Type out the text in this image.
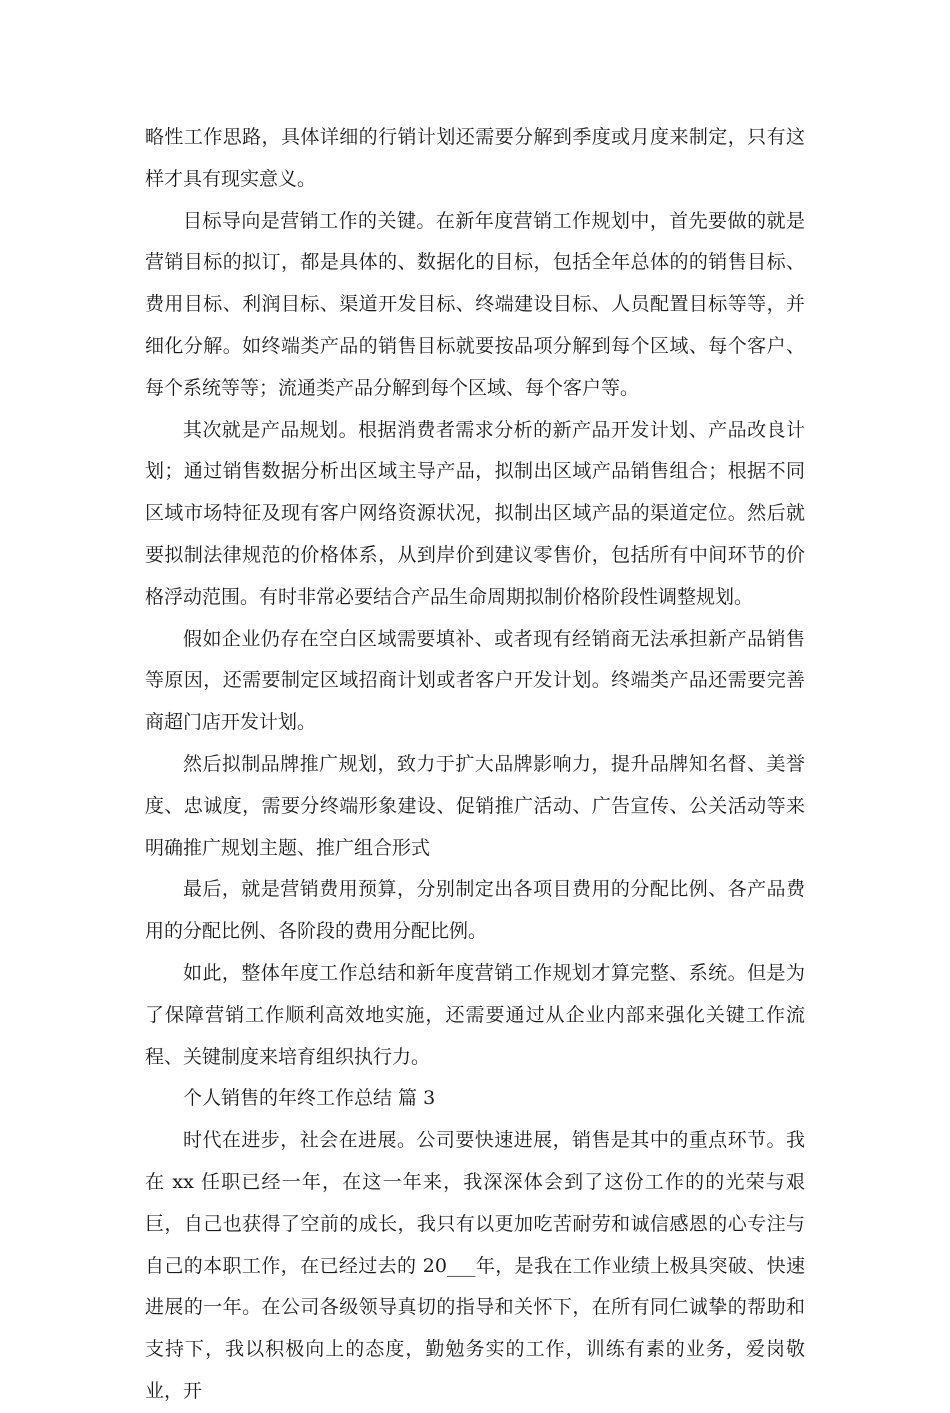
略性工作思路，具体详细的行销计划还需要分解到季度或月度来制定，只有这样才具有现实意义。

目标导向是营销工作的关键。在新年度营销工作规划中，首先要做的就是营销目标的拟订，都是具体的、数据化的目标，包括全年总体的的销售目标、费用目标、利润目标、渠道开发目标、终端建设目标、人员配置目标等等，并细化分解。如终端类产品的销售目标就要按品项分解到每个区域、每个客户、每个系统等等；流通类产品分解到每个区域、每个客户等。

其次就是产品规划。根据消费者需求分析的新产品开发计划、产品改良计划；通过销售数据分析出区域主导产品，拟制出区域产品销售组合；根据不同区域市场特征及现有客户网络资源状况，拟制出区域产品的渠道定位。然后就要拟制法律规范的价格体系，从到岸价到建议零售价，包括所有中间环节的价格浮动范围。有时非常必要结合产品生命周期拟制价格阶段性调整规划。

假如企业仍存在空白区域需要填补、或者现有经销商无法承担新产品销售等原因，还需要制定区域招商计划或者客户开发计划。终端类产品还需要完善商超门店开发计划。

然后拟制品牌推广规划，致力于扩大品牌影响力，提升品牌知名督、美誉度、忠诚度，需要分终端形象建设、促销推广活动、广告宣传、公关活动等来明确推广规划主题、推广组合形式

最后，就是营销费用预算，分别制定出各项目费用的分配比例、各产品费用的分配比例、各阶段的费用分配比例。

如此，整体年度工作总结和新年度营销工作规划才算完整、系统。但是为了保障营销工作顺利高效地实施，还需要通过从企业内部来强化关键工作流程、关键制度来培育组织执行力。

个人销售的年终工作总结 篇 3

时代在进步，社会在进展。公司要快速进展，销售是其中的重点环节。我在 xx 任职已经一年，在这一年来，我深深体会到了这份工作的的光荣与艰巨，自己也获得了空前的成长，我只有以更加吃苦耐劳和诚信感恩的心专注与自己的本职工作，在已经过去的 20___年，是我在工作业绩上极具突破、快速进展的一年。在公司各级领导真切的指导和关怀下，在所有同仁诚挚的帮助和支持下，我以积极向上的态度，勤勉务实的工作，训练有素的业务，爱岗敬业，开
